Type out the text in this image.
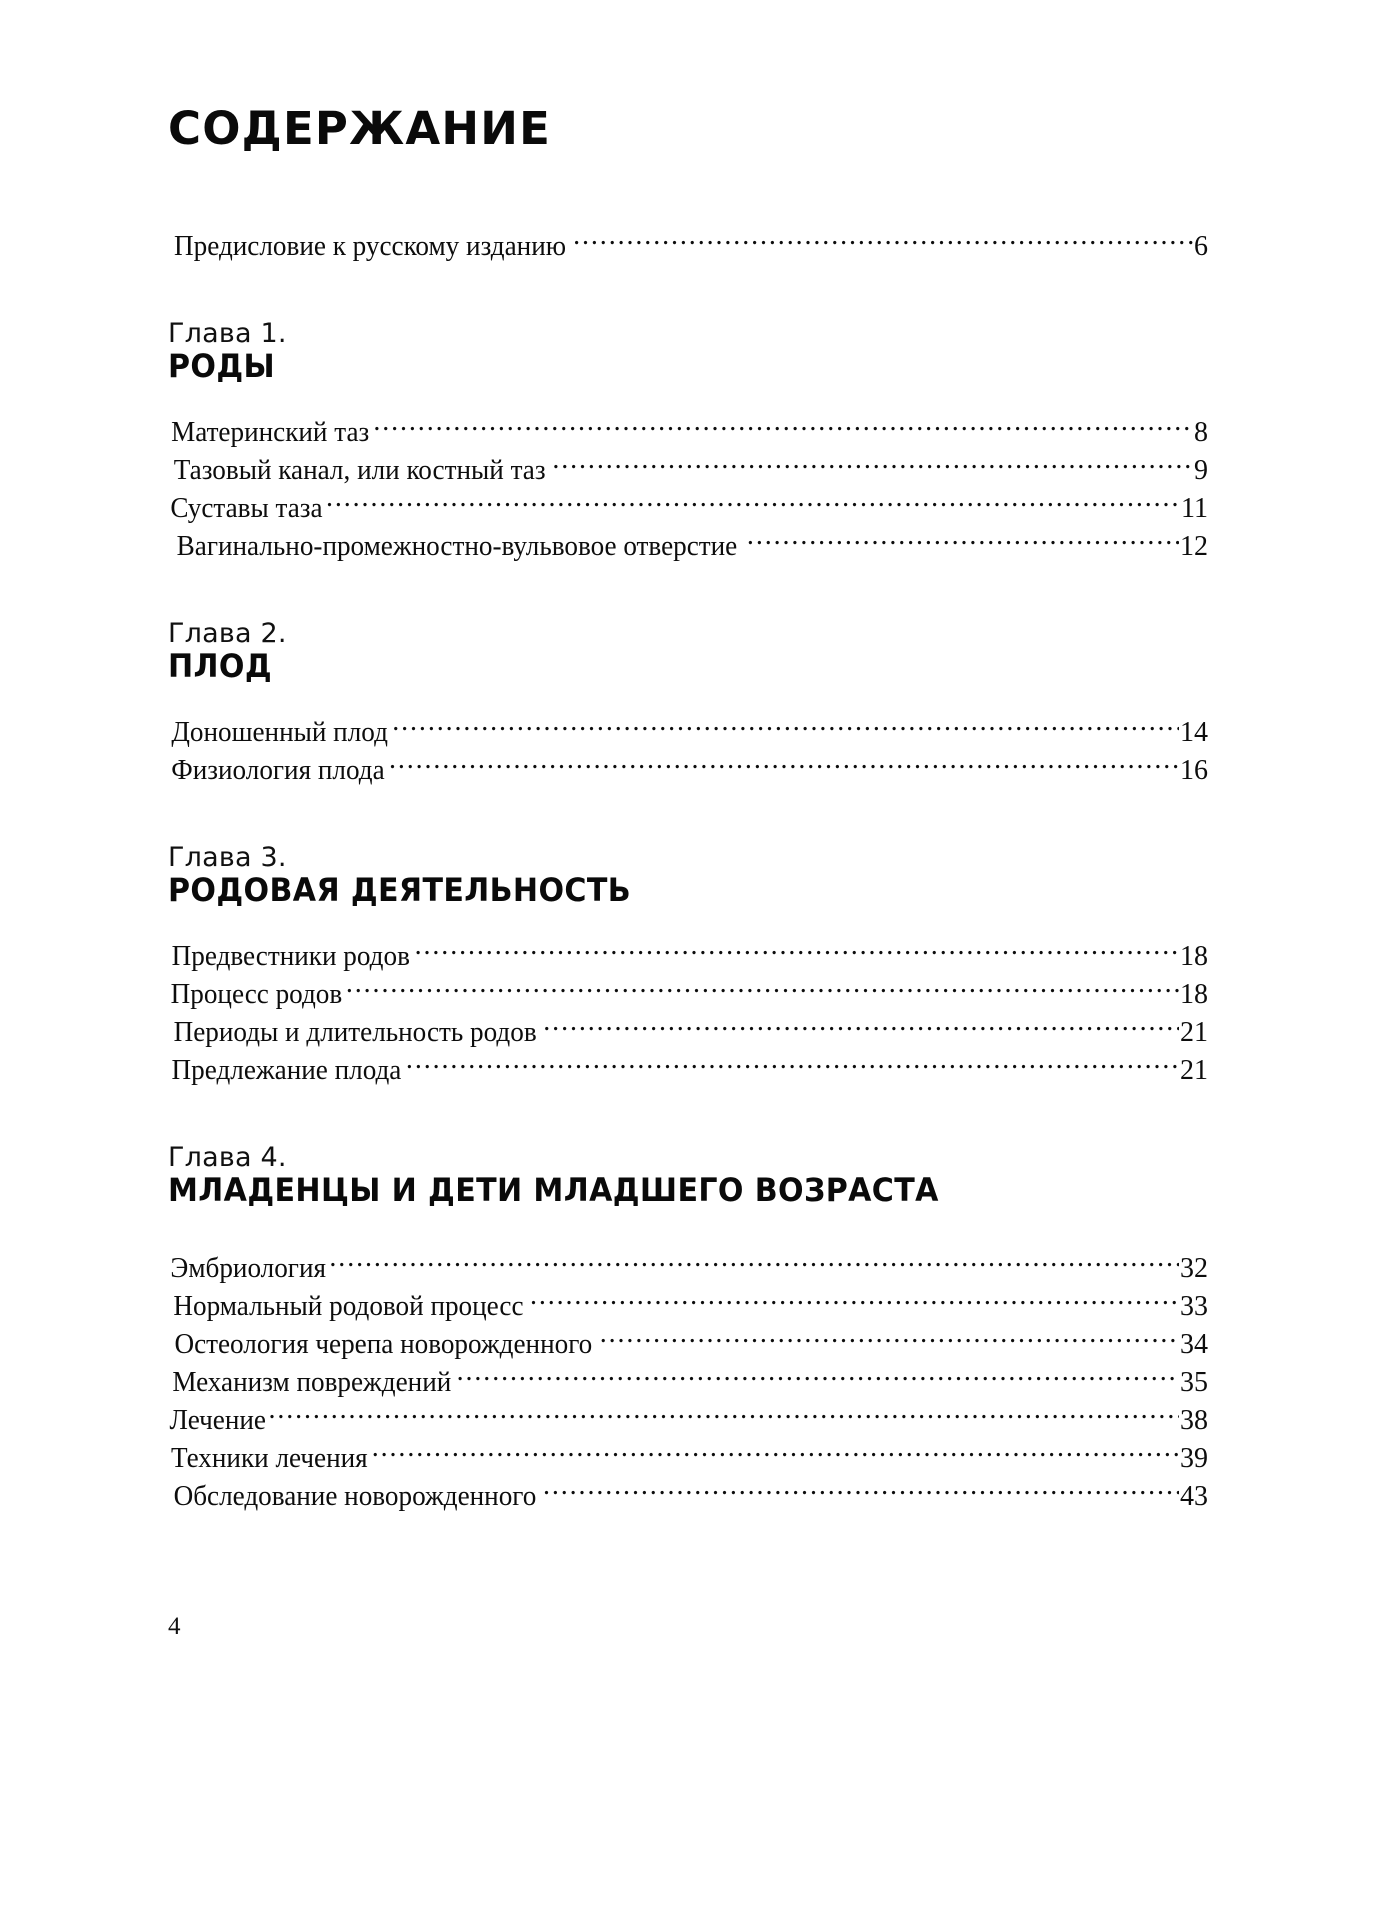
СОДЕРЖАНИЕ
Предисловие к русскому изданию .....	6
Глава 1.
РОДЫ
Материнский таз .....	8
Тазовый канал, или костный таз .....	9
Суставы таза .....	11
Вагинально-промежностно-вульвовое отверстие .....	12
Глава 2.
ПЛОД
Доношенный плод .....	14
Физиология плода .....	16
Глава 3.
РОДОВАЯ ДЕЯТЕЛЬНОСТЬ
Предвестники родов .....	18
Процесс родов .....	18
Периоды и длительность родов .....	21
Предлежание плода .....	21
Глава 4.
МЛАДЕНЦЫ И ДЕТИ МЛАДШЕГО ВОЗРАСТА
Эмбриология .....	32
Нормальный родовой процесс .....	33
Остеология черепа новорожденного .....	34
Механизм повреждений .....	35
Лечение .....	38
Техники лечения .....	39
Обследование новорожденного .....	43
4
